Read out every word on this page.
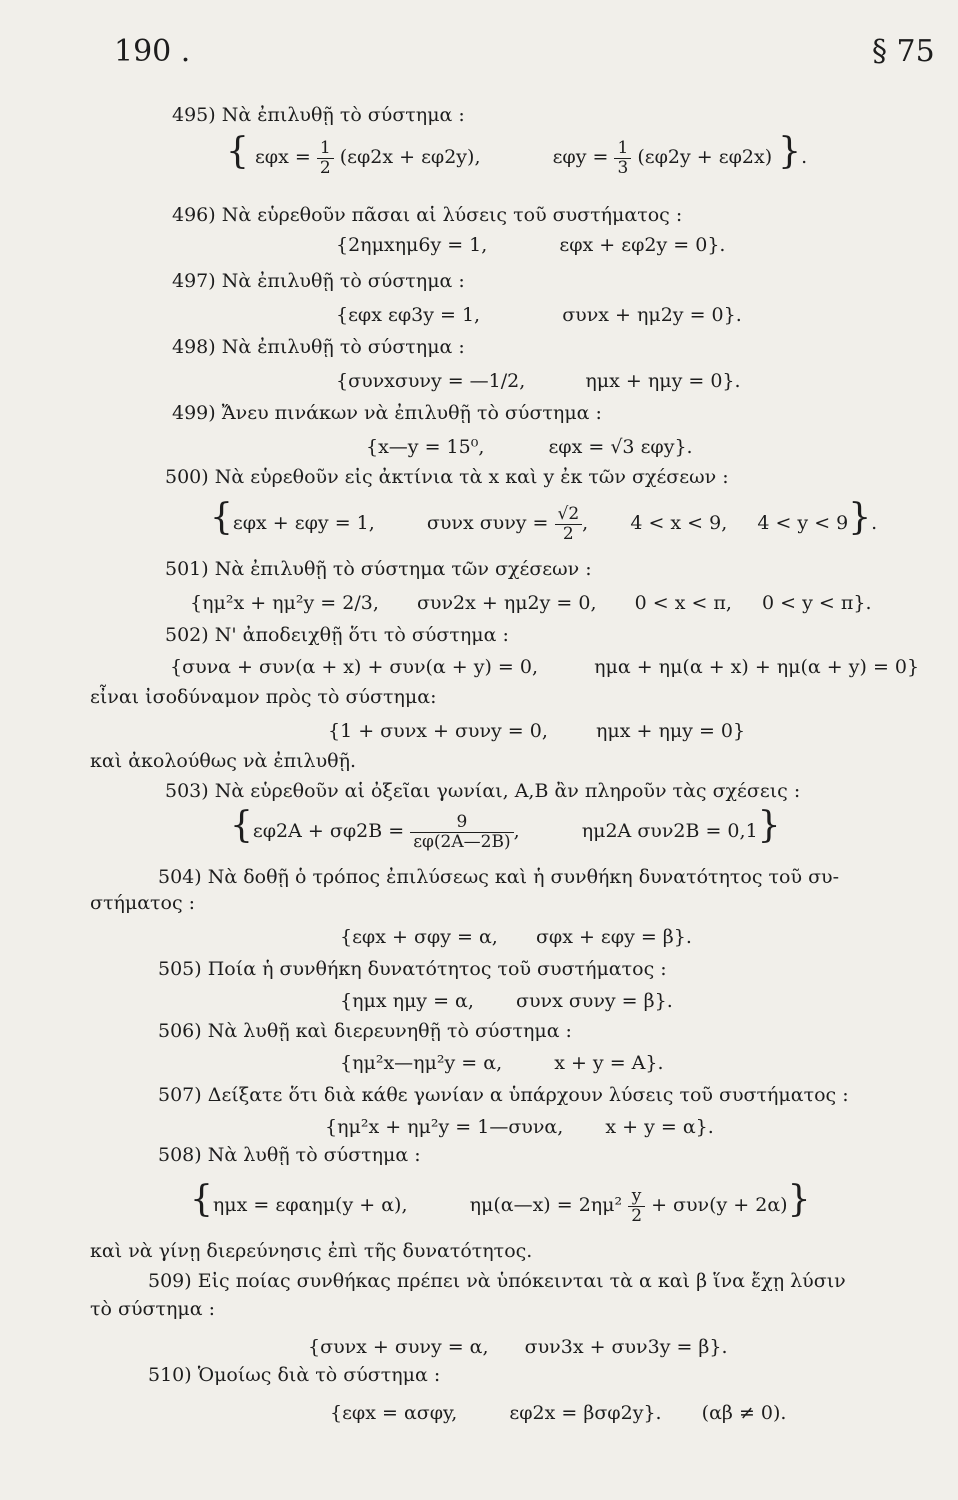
190 .	§ 75
495) Νὰ ἐπιλυθῇ τὸ σύστημα :
{ $\varepsilon\varphi x = \frac{1}{2} (\varepsilon\varphi 2x + \varepsilon\varphi 2y)$,	$\varepsilon\varphi y = \frac{1}{3} (\varepsilon\varphi 2y + \varepsilon\varphi 2x)$ }.
496) Νὰ εὑρεθοῦν πᾶσαι αἱ λύσεις τοῦ συστήματος :
{2ημxημ6y = 1,	εφx + εφ2y = 0}.
497) Νὰ ἐπιλυθῇ τὸ σύστημα :
{εφx εφ3y = 1,	συνx + ημ2y = 0}.
498) Νὰ ἐπιλυθῇ τὸ σύστημα :
{συνxσυνy = —1/2,	ημx + ημy = 0}.
499) Ἄνευ πινάκων νὰ ἐπιλυθῇ τὸ σύστημα :
{x—y = 15⁰,	εφx = √3 εφy}.
500) Νὰ εὑρεθοῦν εἰς ἀκτίνια τὰ x καὶ y ἐκ τῶν σχέσεων :
{εφx + εφy = 1,	συνx $\sigma\upsilon\nu y = \frac{√2}{2}$ , 4 < x < 9, 4 < y < 9}.
501) Νὰ ἐπιλυθῇ τὸ σύστημα τῶν σχέσεων :
{ημ²x + ημ²y = 2/3, συν2x + ημ2y = 0, 0 < x < π, 0 < y < π}.
502) Ν' ἀποδειχθῇ ὅτι τὸ σύστημα :
{συνα + συν(α + x) + συν(α + y) = 0,	ημα + ημ(α + x) + ημ(α + y) = 0}
εἶναι ἰσοδύναμον πρὸς τὸ σύστημα:
{1 + συνx + συνy = 0,	ημx + ημy = 0}
καὶ ἀκολούθως νὰ ἐπιλυθῇ.
503) Νὰ εὑρεθοῦν αἱ ὀξεῖαι γωνίαι, Α,Β ἂν πληροῦν τὰς σχέσεις :
{$\varepsilon\varphi 2A + \sigma\varphi 2B = \frac{9}{\varepsilon\varphi(2A—2B)}$ ,	ημ2A συν2B = 0,1}
504) Νὰ δοθῇ ὁ τρόπος ἐπιλύσεως καὶ ἡ συνθήκη δυνατότητος τοῦ συ-
στήματος :
{εφx + σφy = α, σφx + εφy = β}.
505) Ποία ἡ συνθήκη δυνατότητος τοῦ συστήματος :
{ημx ημy = α, συνx συνy = β}.
506) Νὰ λυθῇ καὶ διερευνηθῇ τὸ σύστημα :
{ημ²x—ημ²y = α,	x + y = A}.
507) Δείξατε ὅτι διὰ κάθε γωνίαν α ὑπάρχουν λύσεις τοῦ συστήματος :
{ημ²x + ημ²y = 1—συνα, x + y = α}.
508) Νὰ λυθῇ τὸ σύστημα :
{ημx = εφαημ(y + α),	ημ(α—x) = $2\eta\mu^2 \frac{y}{2} + \sigma\upsilon\nu(y + 2\alpha)$}
καὶ νὰ γίνῃ διερεύνησις ἐπὶ τῆς δυνατότητος.
509) Εἰς ποίας συνθήκας πρέπει νὰ ὑπόκεινται τὰ α καὶ β ἵνα ἔχῃ λύσιν
τὸ σύστημα :
{συνx + συνy = α, συν3x + συν3y = β}.
510) Ὁμοίως διὰ τὸ σύστημα :
{εφx = ασφy,	εφ2x = βσφ2y}. (αβ ≠ 0).
